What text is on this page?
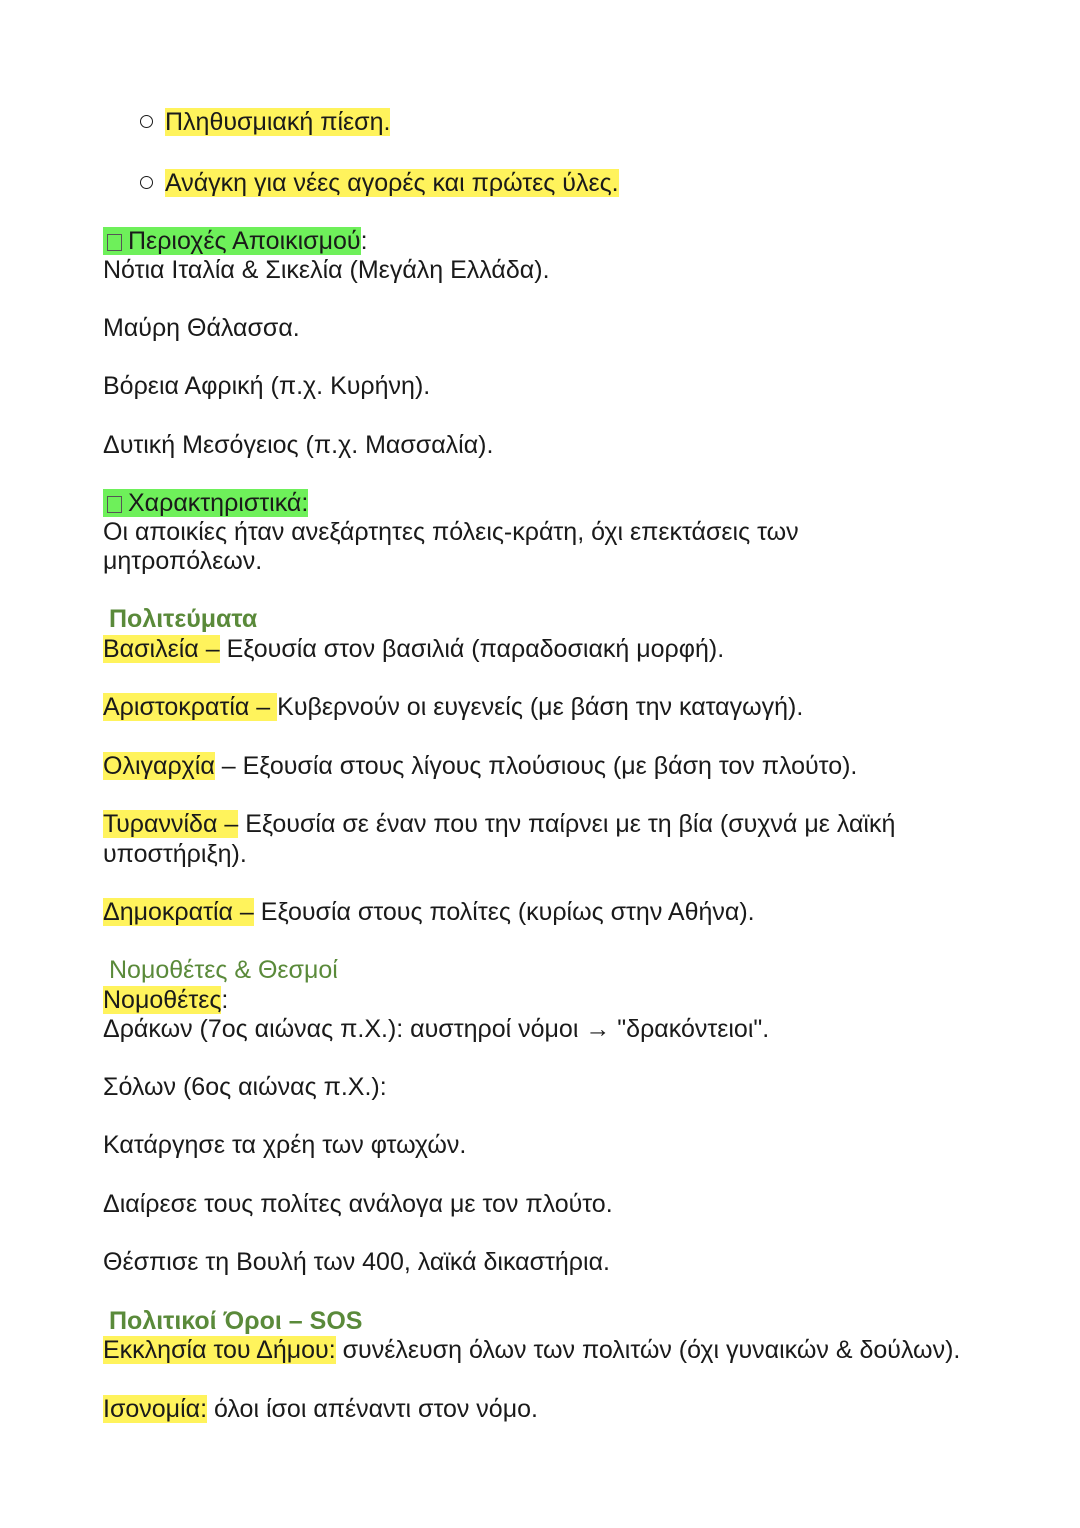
Πληθυσμιακή πίεση.
Ανάγκη για νέες αγορές και πρώτες ύλες.
Περιοχές Αποικισμού:
Νότια Ιταλία & Σικελία (Μεγάλη Ελλάδα).
Μαύρη Θάλασσα.
Βόρεια Αφρική (π.χ. Κυρήνη).
Δυτική Μεσόγειος (π.χ. Μασσαλία).
Χαρακτηριστικά:
Οι αποικίες ήταν ανεξάρτητες πόλεις-κράτη, όχι επεκτάσεις των
μητροπόλεων.
Πολιτεύματα
Βασιλεία – Εξουσία στον βασιλιά (παραδοσιακή μορφή).
Αριστοκρατία – Κυβερνούν οι ευγενείς (με βάση την καταγωγή).
Ολιγαρχία – Εξουσία στους λίγους πλούσιους (με βάση τον πλούτο).
Τυραννίδα – Εξουσία σε έναν που την παίρνει με τη βία (συχνά με λαϊκή
υποστήριξη).
Δημοκρατία – Εξουσία στους πολίτες (κυρίως στην Αθήνα).
Νομοθέτες & Θεσμοί
Νομοθέτες:
Δράκων (7ος αιώνας π.Χ.): αυστηροί νόμοι → "δρακόντειοι".
Σόλων (6ος αιώνας π.Χ.):
Κατάργησε τα χρέη των φτωχών.
Διαίρεσε τους πολίτες ανάλογα με τον πλούτο.
Θέσπισε τη Βουλή των 400, λαϊκά δικαστήρια.
Πολιτικοί Όροι – SOS
Εκκλησία του Δήμου: συνέλευση όλων των πολιτών (όχι γυναικών & δούλων).
Ισονομία: όλοι ίσοι απέναντι στον νόμο.
